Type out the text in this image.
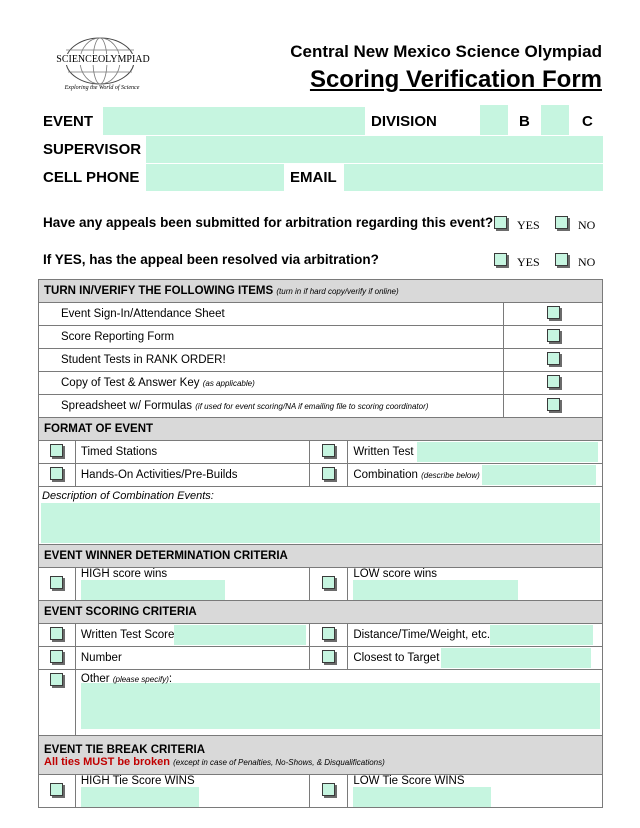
SCIENCEOLYMPIAD
Exploring the World of Science
Central New Mexico Science Olympiad
Scoring Verification Form
EVENT	DIVISION	B	C
SUPERVISOR
CELL PHONE	EMAIL
Have any appeals been submitted for arbitration regarding this event? YES	NO
If YES, has the appeal been resolved via arbitration?	YES	NO
TURN IN/VERIFY THE FOLLOWING ITEMS (turn in if hard copy/verify if online)	
Event Sign-In/Attendance Sheet	
Score Reporting Form	
Student Tests in RANK ORDER!	
Copy of Test & Answer Key (as applicable)	
Spreadsheet w/ Formulas (if used for event scoring/NA if emailing file to scoring coordinator)	
FORMAT OF EVENT			
	Timed Stations		Written Test
	Hands-On Activities/Pre-Builds		Combination (describe below)

Description of Combination Events:			

EVENT WINNER DETERMINATION CRITERIA			
	HIGH score wins		LOW score wins
EVENT SCORING CRITERIA			
	Written Test Score		Distance/Time/Weight, etc.
	Number		Closest to Target

	Other (please specify):		

EVENT TIE BREAK CRITERIA
All ties MUST be broken (except in case of Penalties, No-Shows, & Disqualifications)			

	HIGH Tie Score WINS		LOW Tie Score WINS
